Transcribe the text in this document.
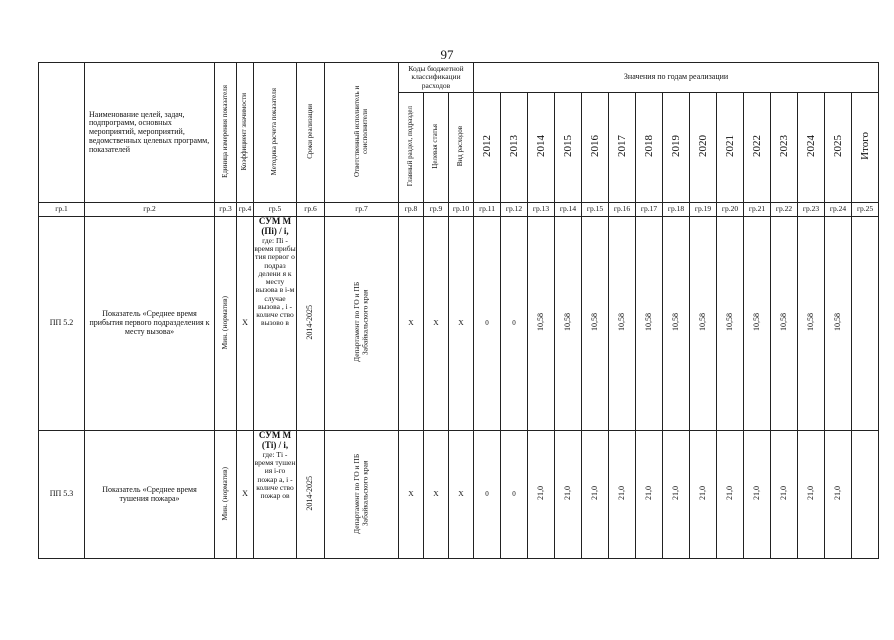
97
	Наименование целей, задач, подпрограмм, основных мероприятий, мероприятий, ведомственных целевых программ, показателей	Единица измерения показателя	Коэффициент значимости	Методика расчета показателя	Сроки реализации	Ответственный исполнитель и соисполнители	Коды бюджетной классификации расходов			Значения по годам реализации														
							Главный раздел, подраздел	Целевая статья	Вид расходов	2012	2013	2014	2015	2016	2017	2018	2019	2020	2021	2022	2023	2024	2025	Итого
гр.1	гр.2	гр.3	гр.4	гр.5	гр.6	гр.7	гр.8	гр.9	гр.10	гр.11	гр.12	гр.13	гр.14	гр.15	гр.16	гр.17	гр.18	гр.19	гр.20	гр.21	гр.22	гр.23	гр.24	гр.25
ПП 5.2	Показатель «Среднее время прибытия первого подразделения к месту вызова»	Мин. (норматив)	Х	СУМ М (Пi) / i,
где: Пi - время прибы тия первог о подраз делени я к месту вызова в i-м случае вызова , i - количе ство вызово в	2014-2025	Департамент по ГО и ПБ Забайкальского края	Х	Х	Х	0	0	10,58	10,58	10,58	10,58	10,58	10,58	10,58	10,58	10,58	10,58	10,58	10,58	
ПП 5.3	Показатель «Среднее время тушения пожара»	Мин. (норматив)	Х	СУМ М (Тi) / i,
где: Тi - время тушен ия i-го пожар а, i - количе ство пожар ов	2014-2025	Департамент по ГО и ПБ Забайкальского края	Х	Х	Х	0	0	21,0	21,0	21,0	21,0	21,0	21,0	21,0	21,0	21,0	21,0	21,0	21,0	
